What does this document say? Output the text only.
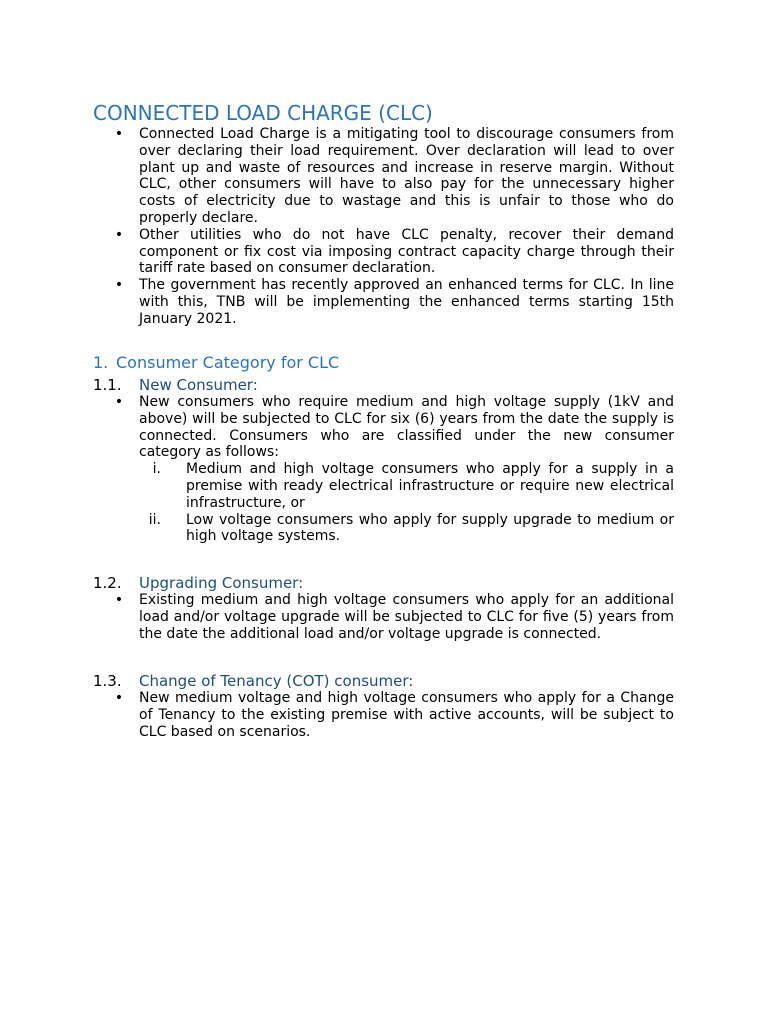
CONNECTED LOAD CHARGE (CLC)
• Connected Load Charge is a mitigating tool to discourage consumers from over declaring their load requirement. Over declaration will lead to over plant up and waste of resources and increase in reserve margin. Without CLC, other consumers will have to also pay for the unnecessary higher costs of electricity due to wastage and this is unfair to those who do properly declare.
• Other utilities who do not have CLC penalty, recover their demand component or fix cost via imposing contract capacity charge through their tariff rate based on consumer declaration.
• The government has recently approved an enhanced terms for CLC. In line with this, TNB will be implementing the enhanced terms starting 15th January 2021.
1. Consumer Category for CLC
1.1. New Consumer:
• New consumers who require medium and high voltage supply (1kV and above) will be subjected to CLC for six (6) years from the date the supply is connected. Consumers who are classified under the new consumer category as follows:
i. Medium and high voltage consumers who apply for a supply in a premise with ready electrical infrastructure or require new electrical infrastructure, or
ii. Low voltage consumers who apply for supply upgrade to medium or high voltage systems.
1.2. Upgrading Consumer:
• Existing medium and high voltage consumers who apply for an additional load and/or voltage upgrade will be subjected to CLC for five (5) years from the date the additional load and/or voltage upgrade is connected.
1.3. Change of Tenancy (COT) consumer:
• New medium voltage and high voltage consumers who apply for a Change of Tenancy to the existing premise with active accounts, will be subject to CLC based on scenarios.
